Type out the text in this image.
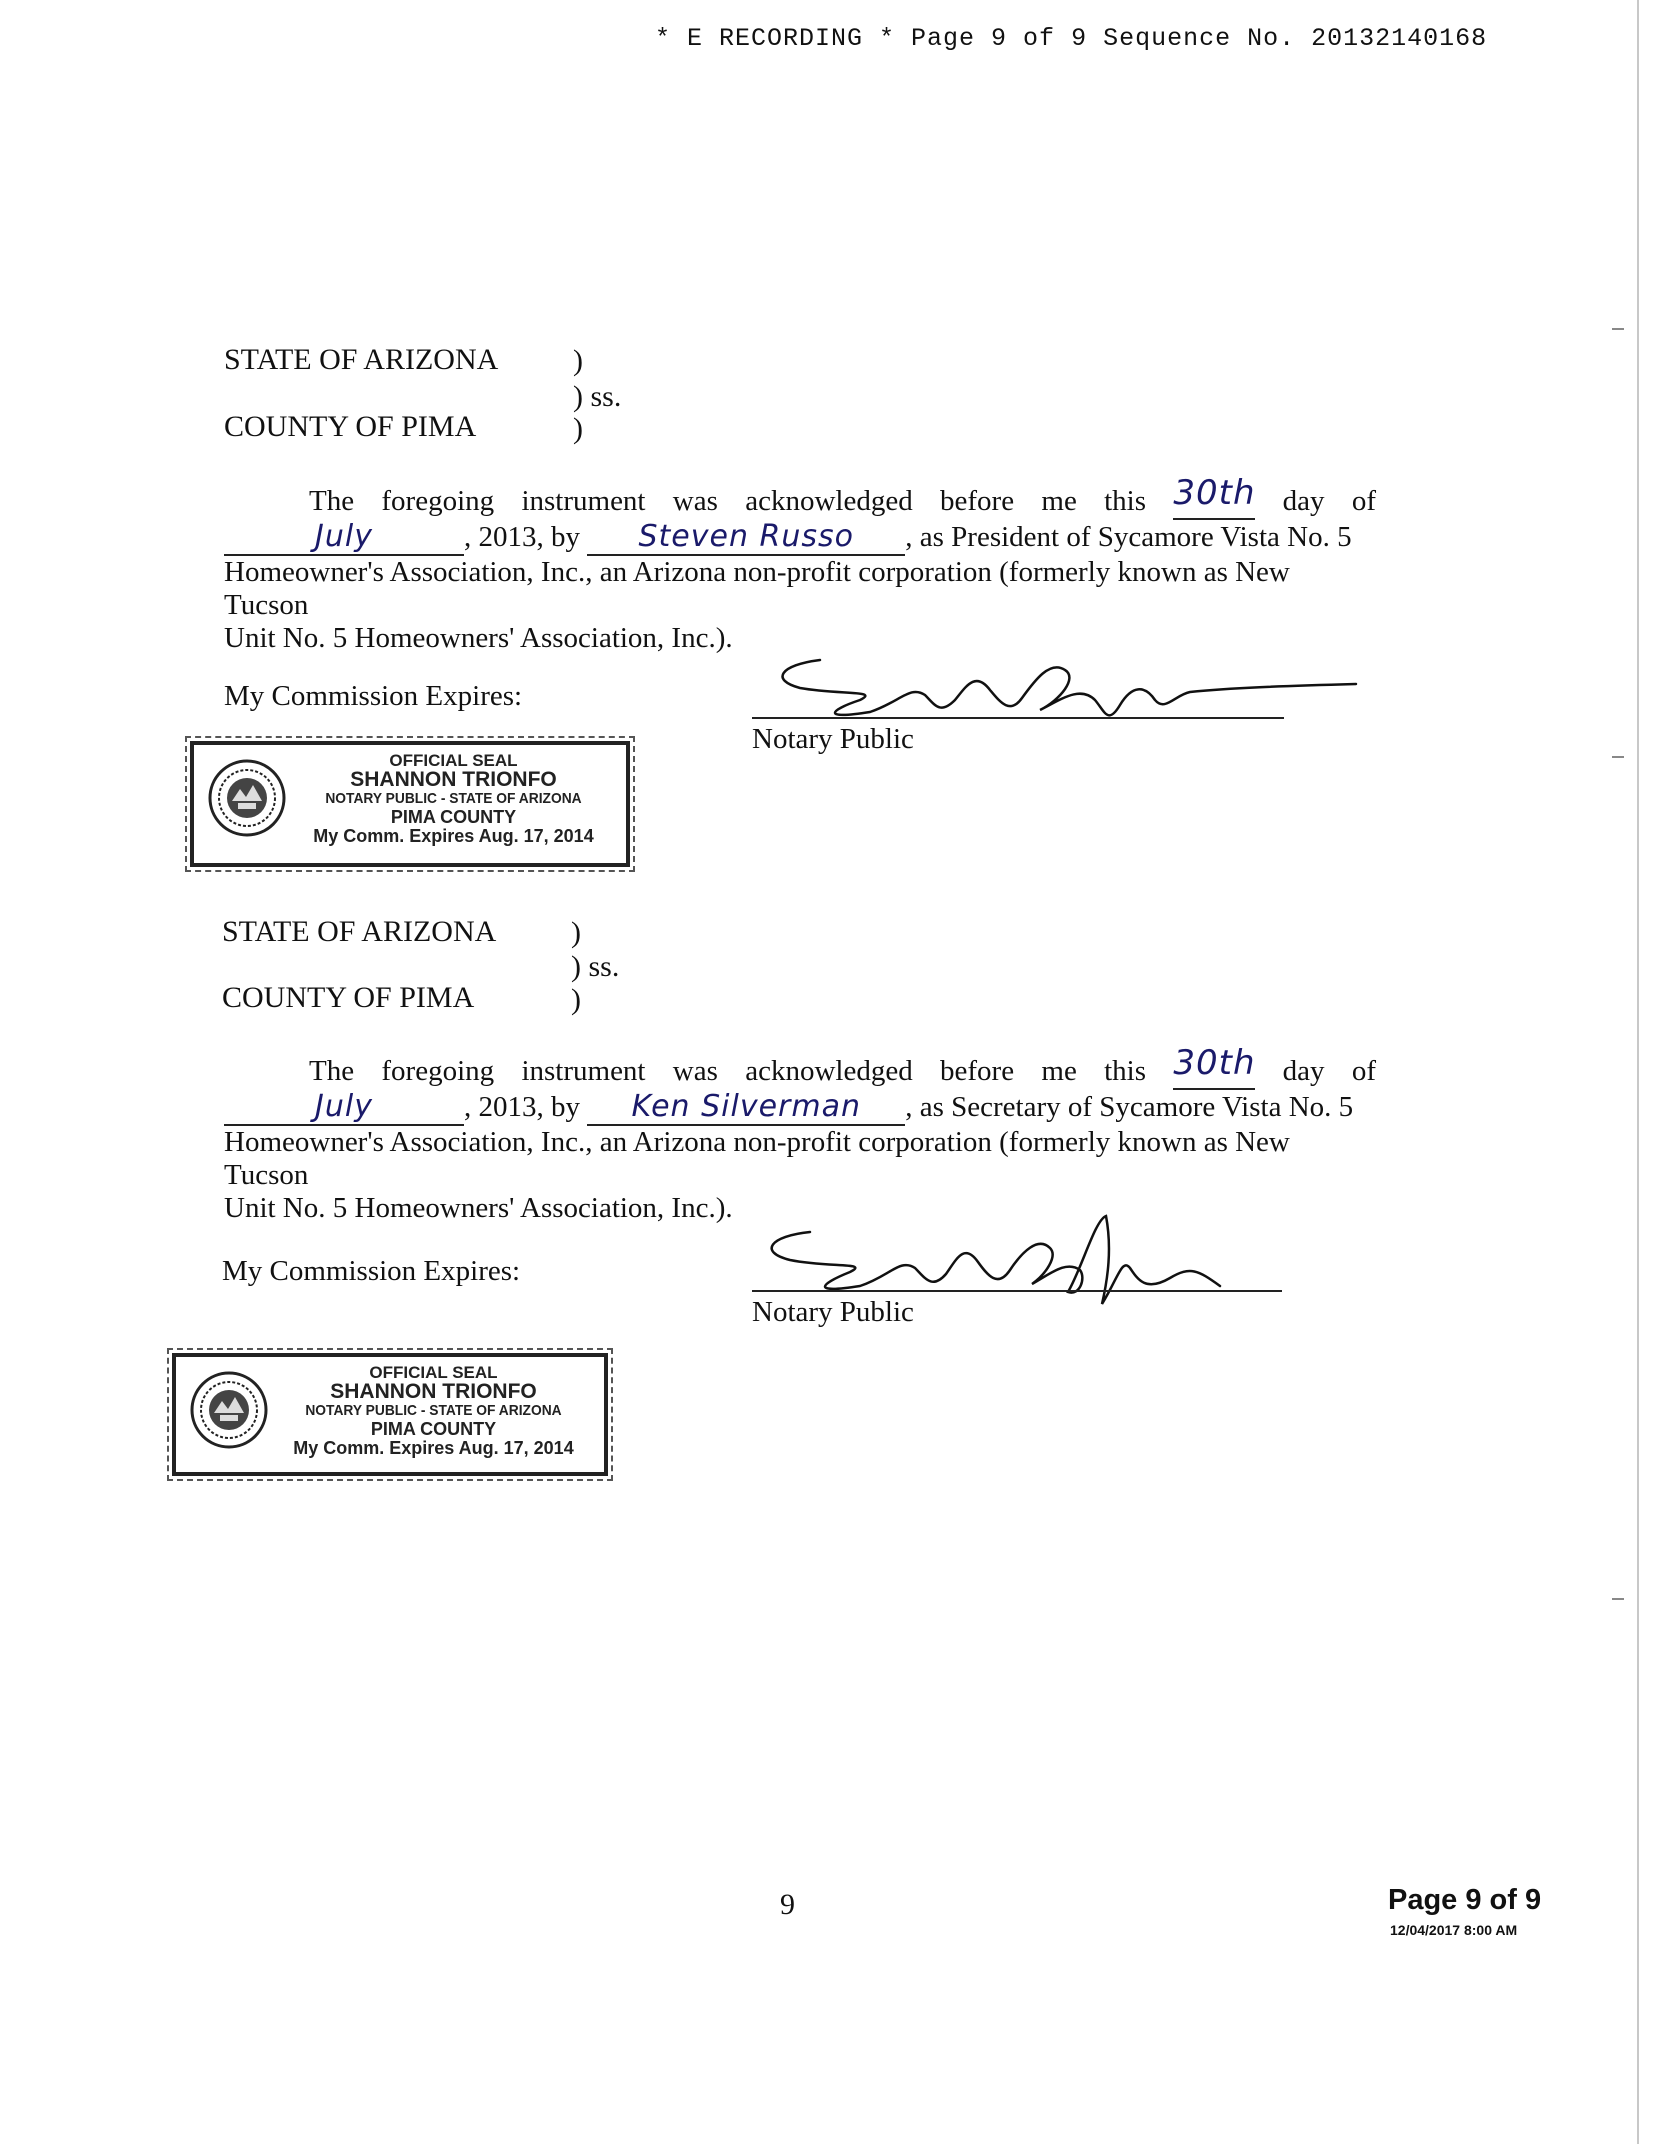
* E RECORDING * Page 9 of 9 Sequence No. 20132140168
STATE OF ARIZONA )
) ss.
)
COUNTY OF PIMA

The foregoing instrument was acknowledged before me this 30th day of

July	, 2013, by Steven Russo , as President of Sycamore Vista No. 5

Homeowner's Association, Inc., an Arizona non-profit corporation (formerly known as New Tucson

Unit No. 5 Homeowners' Association, Inc.).

My Commission Expires:
Notary Public
OFFICIAL SEAL
SHANNON TRIONFO
NOTARY PUBLIC - STATE OF ARIZONA
PIMA COUNTY
My Comm. Expires Aug. 17, 2014
STATE OF ARIZONA )
) ss.
)
COUNTY OF PIMA

The foregoing instrument was acknowledged before me this 30th day of

July	, 2013, by Ken Silverman , as Secretary of Sycamore Vista No. 5

Homeowner's Association, Inc., an Arizona non-profit corporation (formerly known as New Tucson

Unit No. 5 Homeowners' Association, Inc.).

My Commission Expires:
Notary Public
OFFICIAL SEAL
SHANNON TRIONFO
NOTARY PUBLIC - STATE OF ARIZONA
PIMA COUNTY
My Comm. Expires Aug. 17, 2014
9	Page 9 of 9
12/04/2017 8:00 AM
